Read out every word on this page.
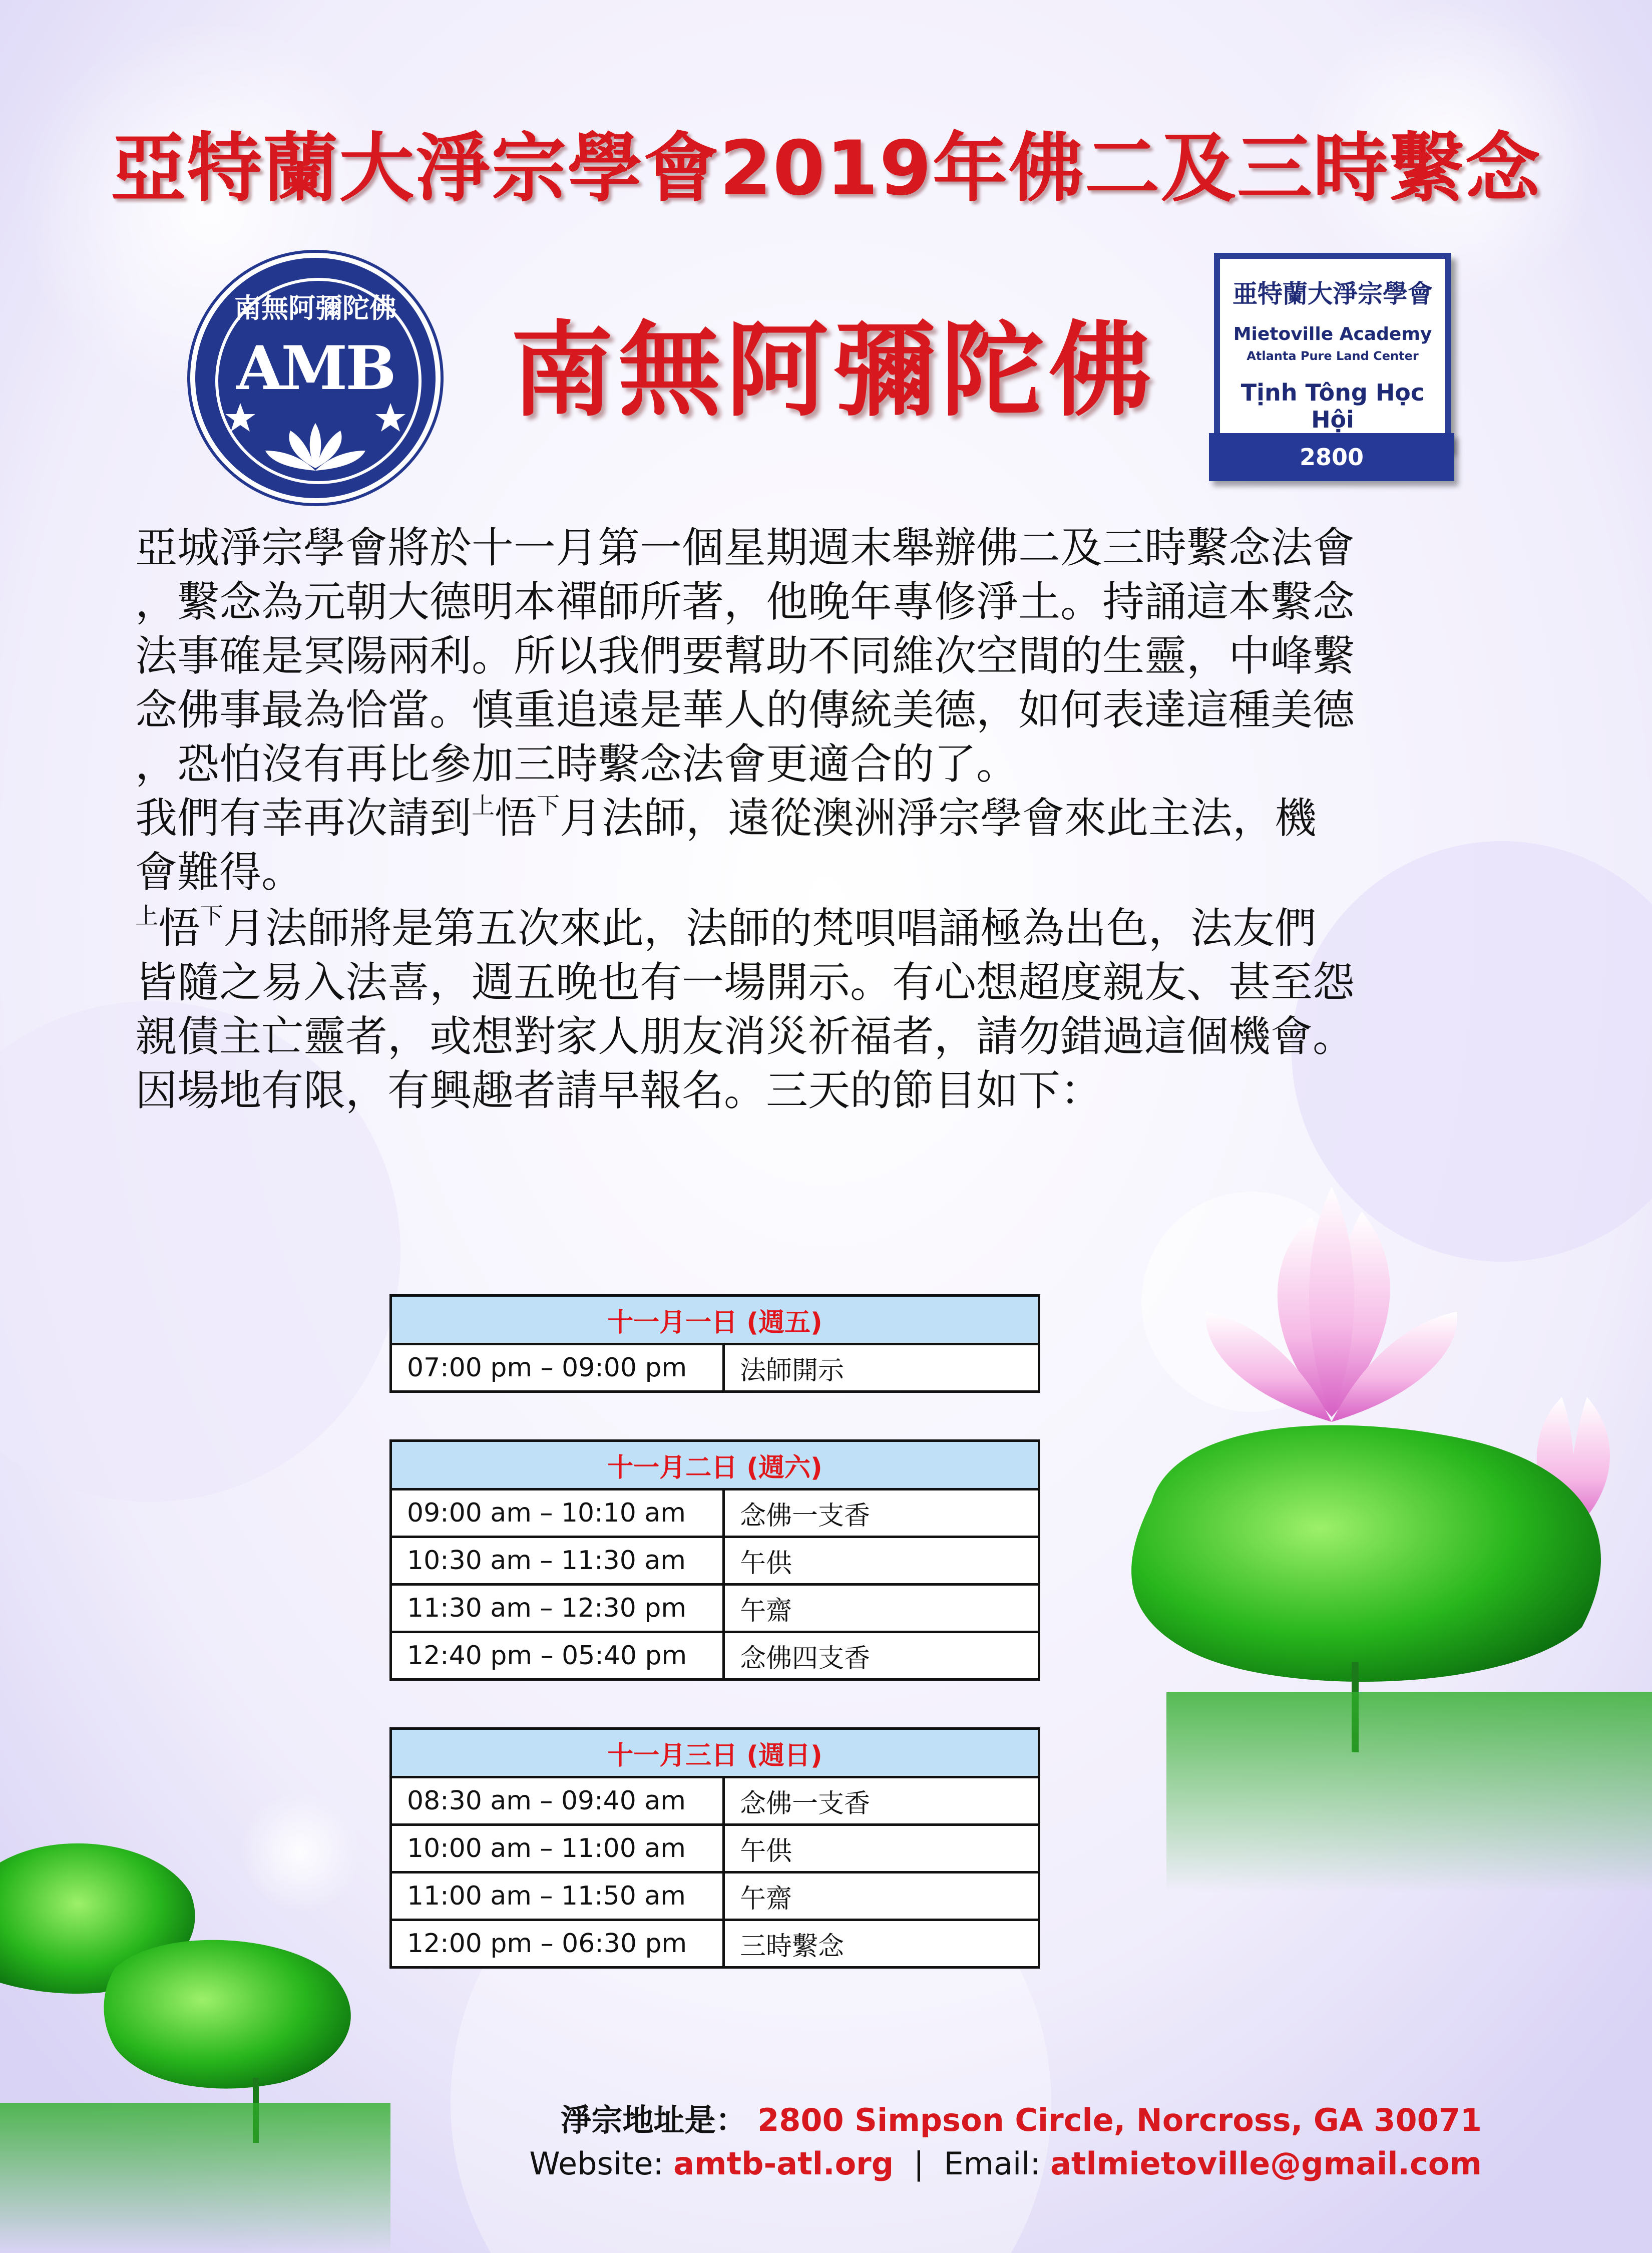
亞特蘭大淨宗學會2019年佛二及三時繫念
南無阿彌陀佛
AMB	南無阿彌陀佛
亜特蘭大淨宗學會
Mietoville Academy
Atlanta Pure Land Center
Tịnh Tông Học Hội
2800

亞城淨宗學會將於十一月第一個星期週末舉辦佛二及三時繫念法會

，繫念為元朝大德明本禪師所著，他晚年專修淨土。持誦這本繫念

法事確是冥陽兩利。所以我們要幫助不同維次空間的生靈，中峰繫

念佛事最為恰當。慎重追遠是華人的傳統美德，如何表達這種美德

，恐怕沒有再比參加三時繫念法會更適合的了。

我們有幸再次請到$^上$悟$^下$月法師，遠從澳洲淨宗學會來此主法，機

會難得。

$^上$悟$^下$月法師將是第五次來此，法師的梵唄唱誦極為出色，法友們

皆隨之易入法喜，週五晚也有一場開示。有心想超度親友、甚至怨

親債主亡靈者，或想對家人朋友消災祈福者，請勿錯過這個機會。

因場地有限，有興趣者請早報名。三天的節目如下：

十一月一日 (週五)
07:00 pm – 09:00 pm	法師開示
十一月二日 (週六)	
09:00 am – 10:10 am	念佛一支香
10:30 am – 11:30 am	午供
11:30 am – 12:30 pm	午齋
12:40 pm – 05:40 pm	念佛四支香
十一月三日 (週日)	
08:30 am – 09:40 am	念佛一支香
10:00 am – 11:00 am	午供
11:00 am – 11:50 am	午齋
12:00 pm – 06:30 pm	三時繫念
淨宗地址是： 2800 Simpson Circle, Norcross, GA 30071
Website: amtb-atl.org | Email: atlmietoville@gmail.com
